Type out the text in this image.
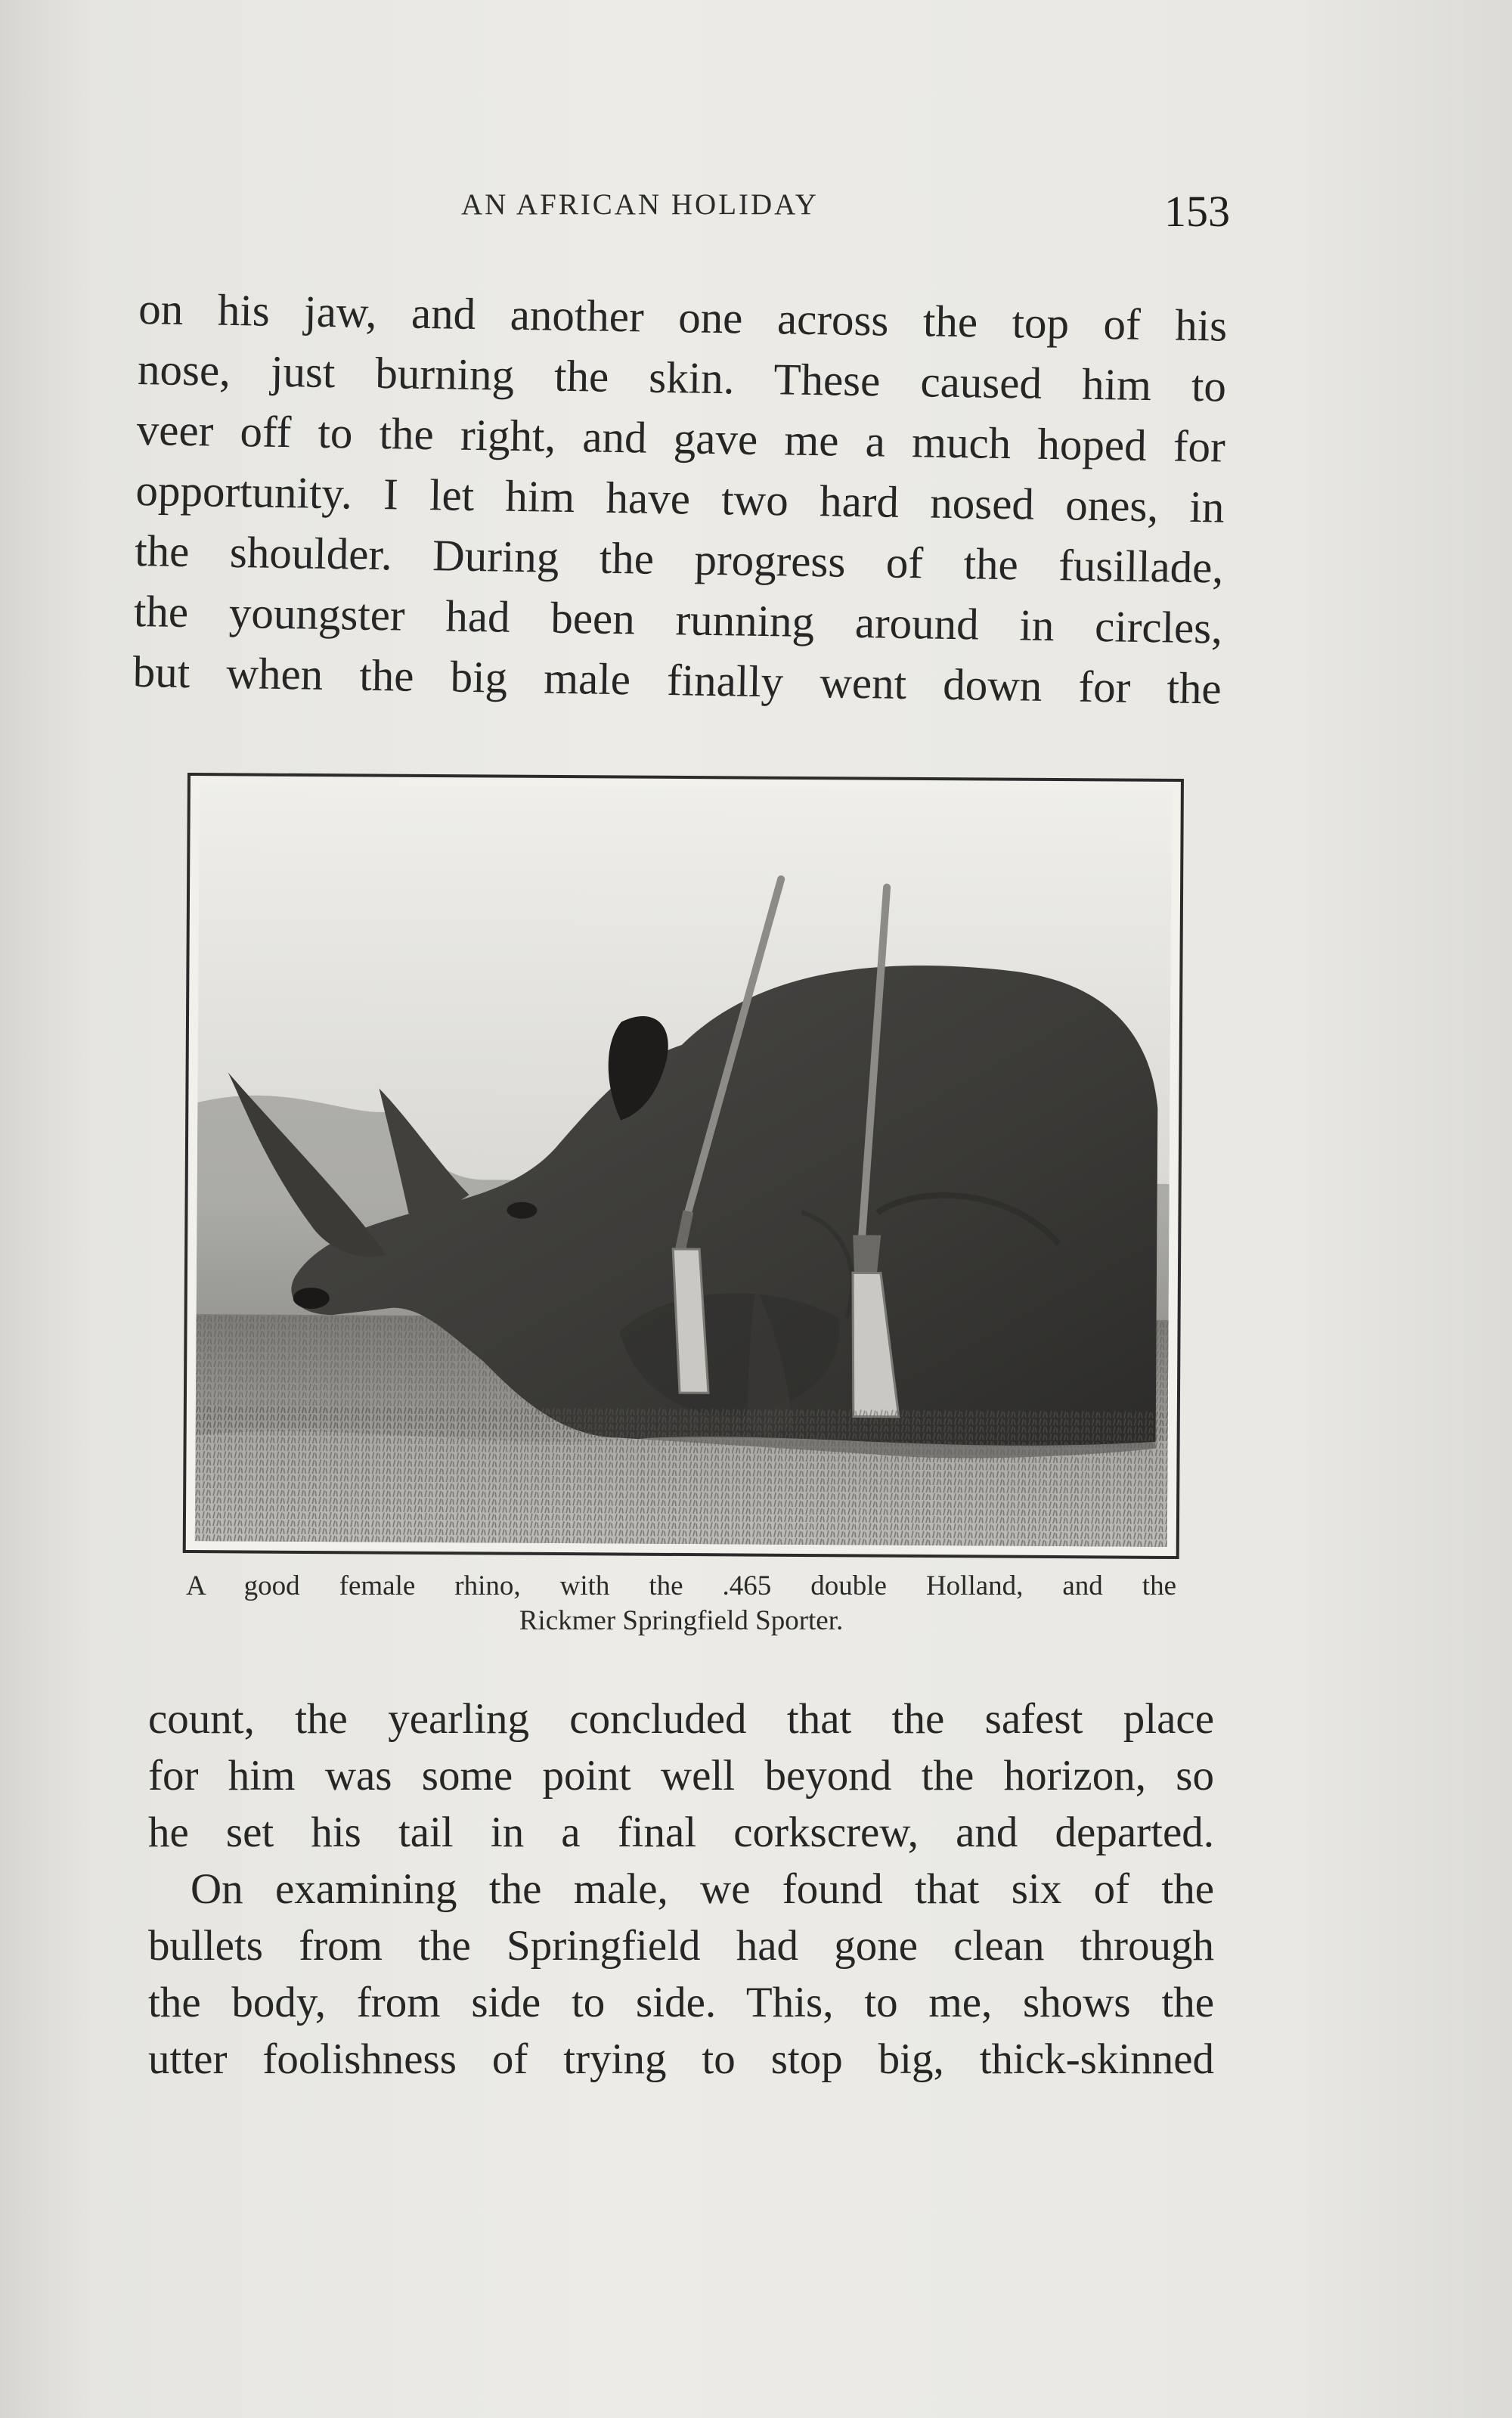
AN AFRICAN HOLIDAY	153
on his jaw, and another one across the top of his
nose, just burning the skin. These caused him to
veer off to the right, and gave me a much hoped for
opportunity. I let him have two hard nosed ones, in
the shoulder. During the progress of the fusillade,
the youngster had been running around in circles,
but when the big male finally went down for the
A good female rhino, with the .465 double Holland, and the
Rickmer Springfield Sporter.
count, the yearling concluded that the safest place
for him was some point well beyond the horizon, so
he set his tail in a final corkscrew, and departed.
On examining the male, we found that six of the
bullets from the Springfield had gone clean through
the body, from side to side. This, to me, shows the
utter foolishness of trying to stop big, thick-skinned
